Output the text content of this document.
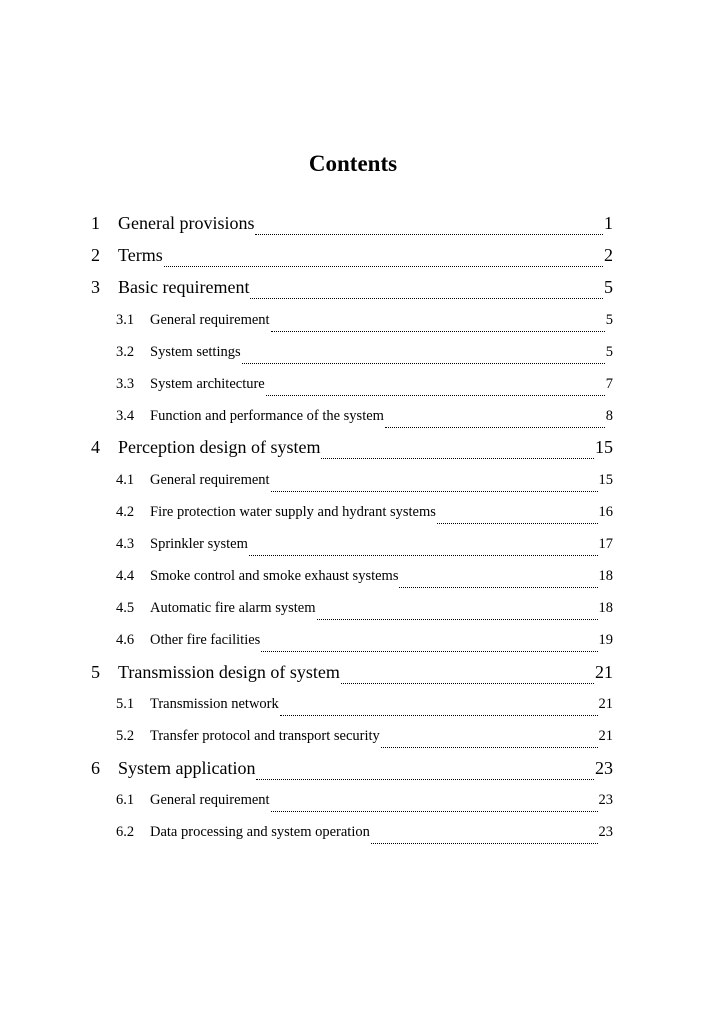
Contents
1	General provisions	1
2	Terms	2
3	Basic requirement	5
3.1	General requirement	5
3.2	System settings	5
3.3	System architecture	7
3.4	Function and performance of the system	8
4	Perception design of system	15
4.1	General requirement	15
4.2	Fire protection water supply and hydrant systems	16
4.3	Sprinkler system	17
4.4	Smoke control and smoke exhaust systems	18
4.5	Automatic fire alarm system	18
4.6	Other fire facilities	19
5	Transmission design of system	21
5.1	Transmission network	21
5.2	Transfer protocol and transport security	21
6	System application	23
6.1	General requirement	23
6.2	Data processing and system operation	23
